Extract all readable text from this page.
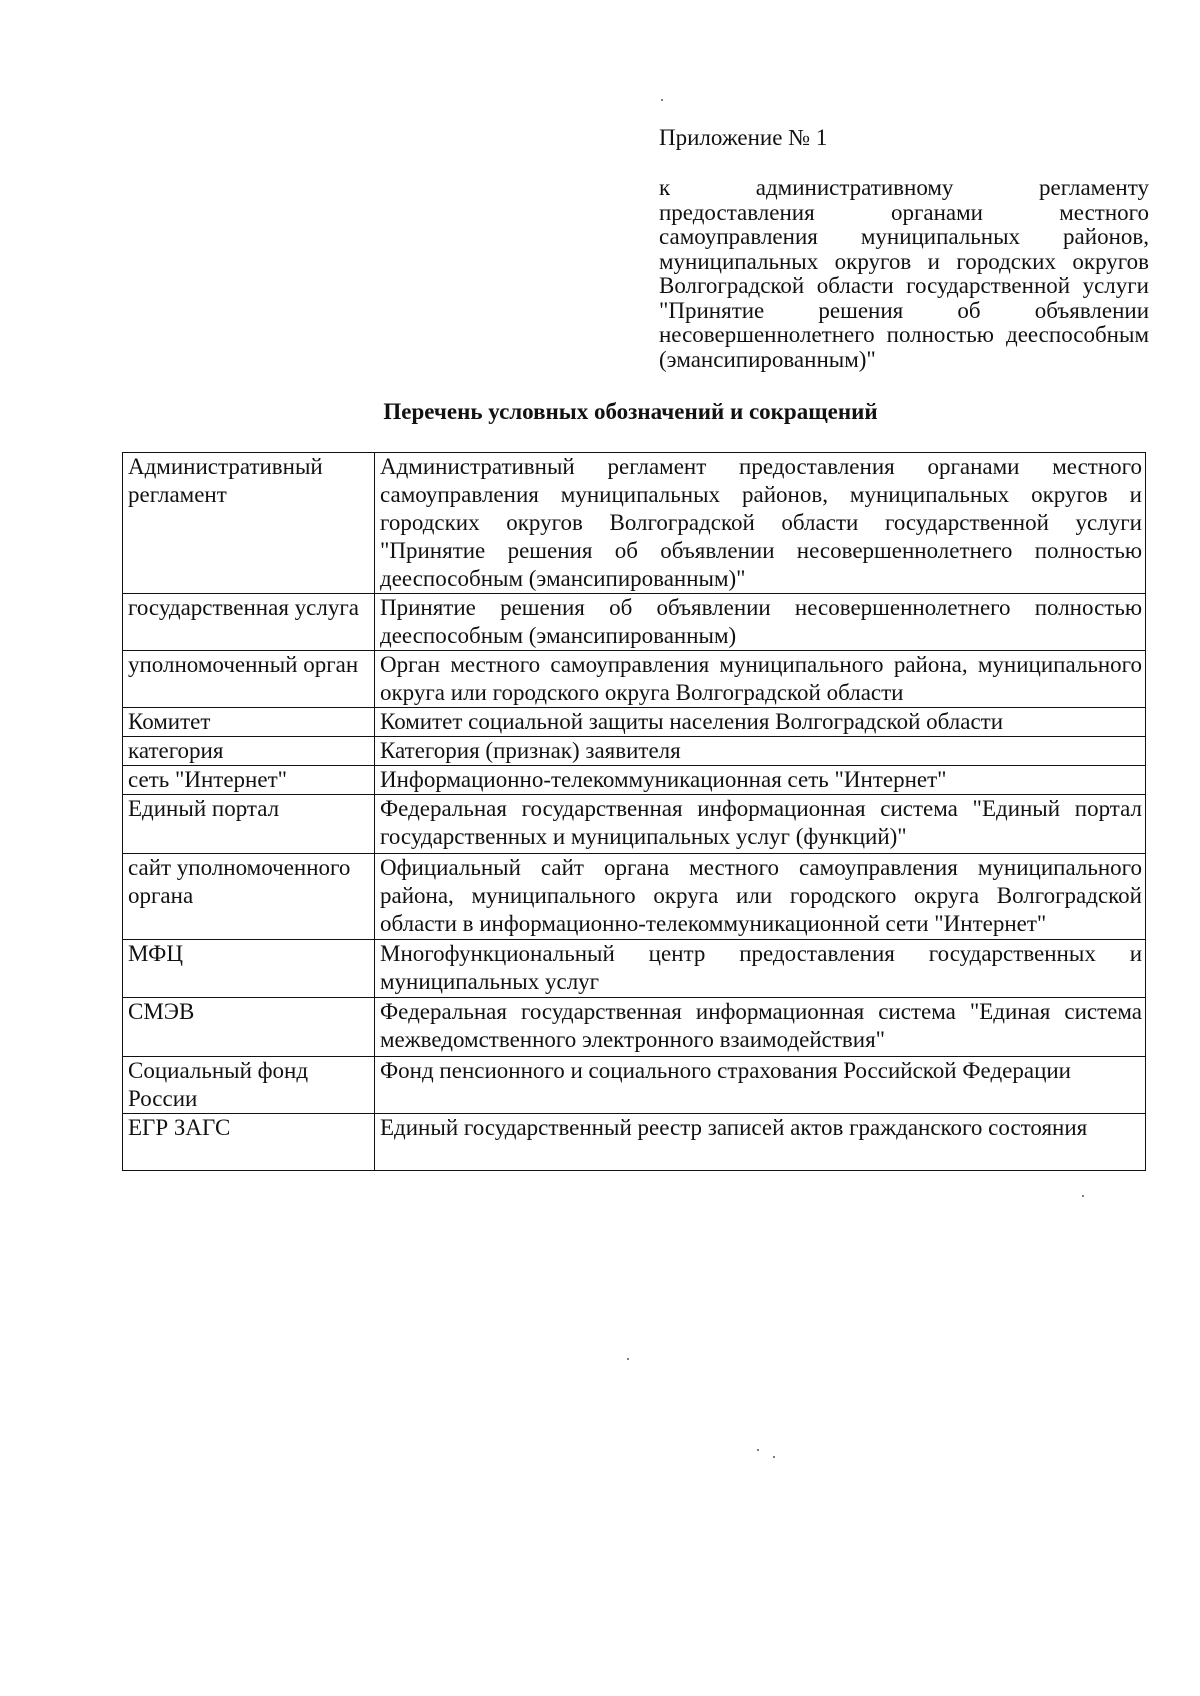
Приложение № 1
к административному регламенту предоставления органами местного самоуправления муниципальных районов, муниципальных округов и городских округов Волгоградской области государственной услуги "Принятие решения об объявлении несовершеннолетнего полностью дееспособным (эмансипированным)"
Перечень условных обозначений и сокращений
Административный регламент	Административный регламент предоставления органами местного самоуправления муниципальных районов, муниципальных округов и городских округов Волгоградской области государственной услуги "Принятие решения об объявлении несовершеннолетнего полностью дееспособным (эмансипированным)"
государственная услуга	Принятие решения об объявлении несовершеннолетнего полностью дееспособным (эмансипированным)
уполномоченный орган	Орган местного самоуправления муниципального района, муниципального округа или городского округа Волгоградской области
Комитет	Комитет социальной защиты населения Волгоградской области
категория	Категория (признак) заявителя
сеть "Интернет"	Информационно-телекоммуникационная сеть "Интернет"
Единый портал	Федеральная государственная информационная система "Единый портал государственных и муниципальных услуг (функций)"
сайт уполномоченного органа	Официальный сайт органа местного самоуправления муниципального района, муниципального округа или городского округа Волгоградской области в информационно-телекоммуникационной сети "Интернет"
МФЦ	Многофункциональный центр предоставления государственных и муниципальных услуг
СМЭВ	Федеральная государственная информационная система "Единая система межведомственного электронного взаимодействия"
Социальный фонд России	Фонд пенсионного и социального страхования Российской Федерации
ЕГР ЗАГС	Единый государственный реестр записей актов гражданского состояния
